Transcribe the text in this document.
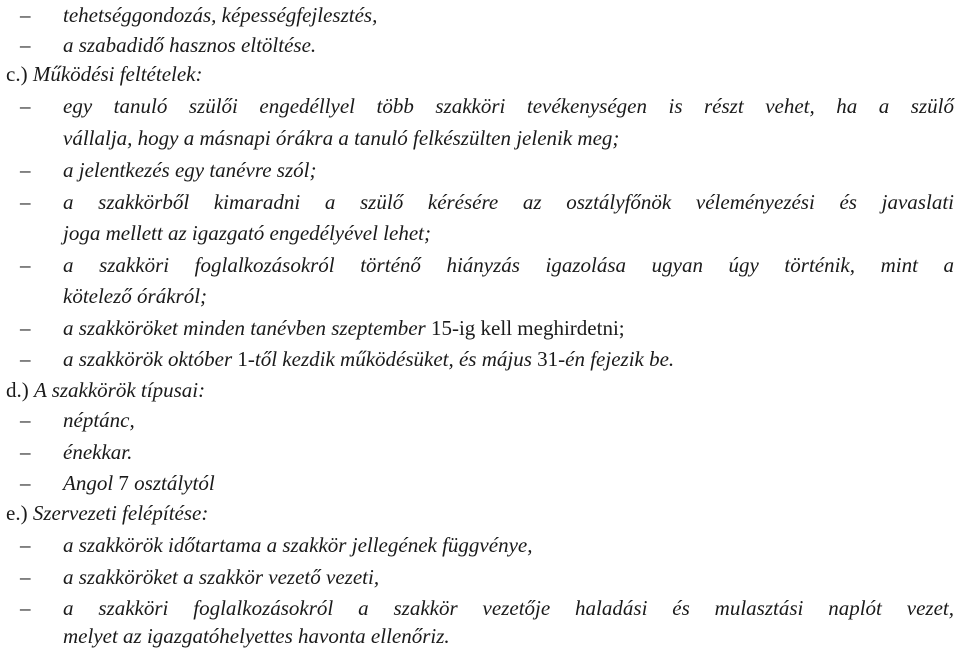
–	tehetséggondozás, képességfejlesztés,
–	a szabadidő hasznos eltöltése.
c.) Működési feltételek:
–	egy tanuló szülői engedéllyel több szakköri tevékenységen is részt vehet, ha a szülő
vállalja, hogy a másnapi órákra a tanuló felkészülten jelenik meg;
–	a jelentkezés egy tanévre szól;
–	a szakkörből kimaradni a szülő kérésére az osztályfőnök véleményezési és javaslati
joga mellett az igazgató engedélyével lehet;
–	a szakköri foglalkozásokról történő hiányzás igazolása ugyan úgy történik, mint a
kötelező órákról;
–	a szakköröket minden tanévben szeptember 15-ig kell meghirdetni;
–	a szakkörök október 1-től kezdik működésüket, és május 31-én fejezik be.
d.) A szakkörök típusai:
–	néptánc,
–	énekkar.
–	Angol 7 osztálytól
e.) Szervezeti felépítése:
–	a szakkörök időtartama a szakkör jellegének függvénye,
–	a szakköröket a szakkör vezető vezeti,
–	a szakköri foglalkozásokról a szakkör vezetője haladási és mulasztási naplót vezet,
melyet az igazgatóhelyettes havonta ellenőriz.
